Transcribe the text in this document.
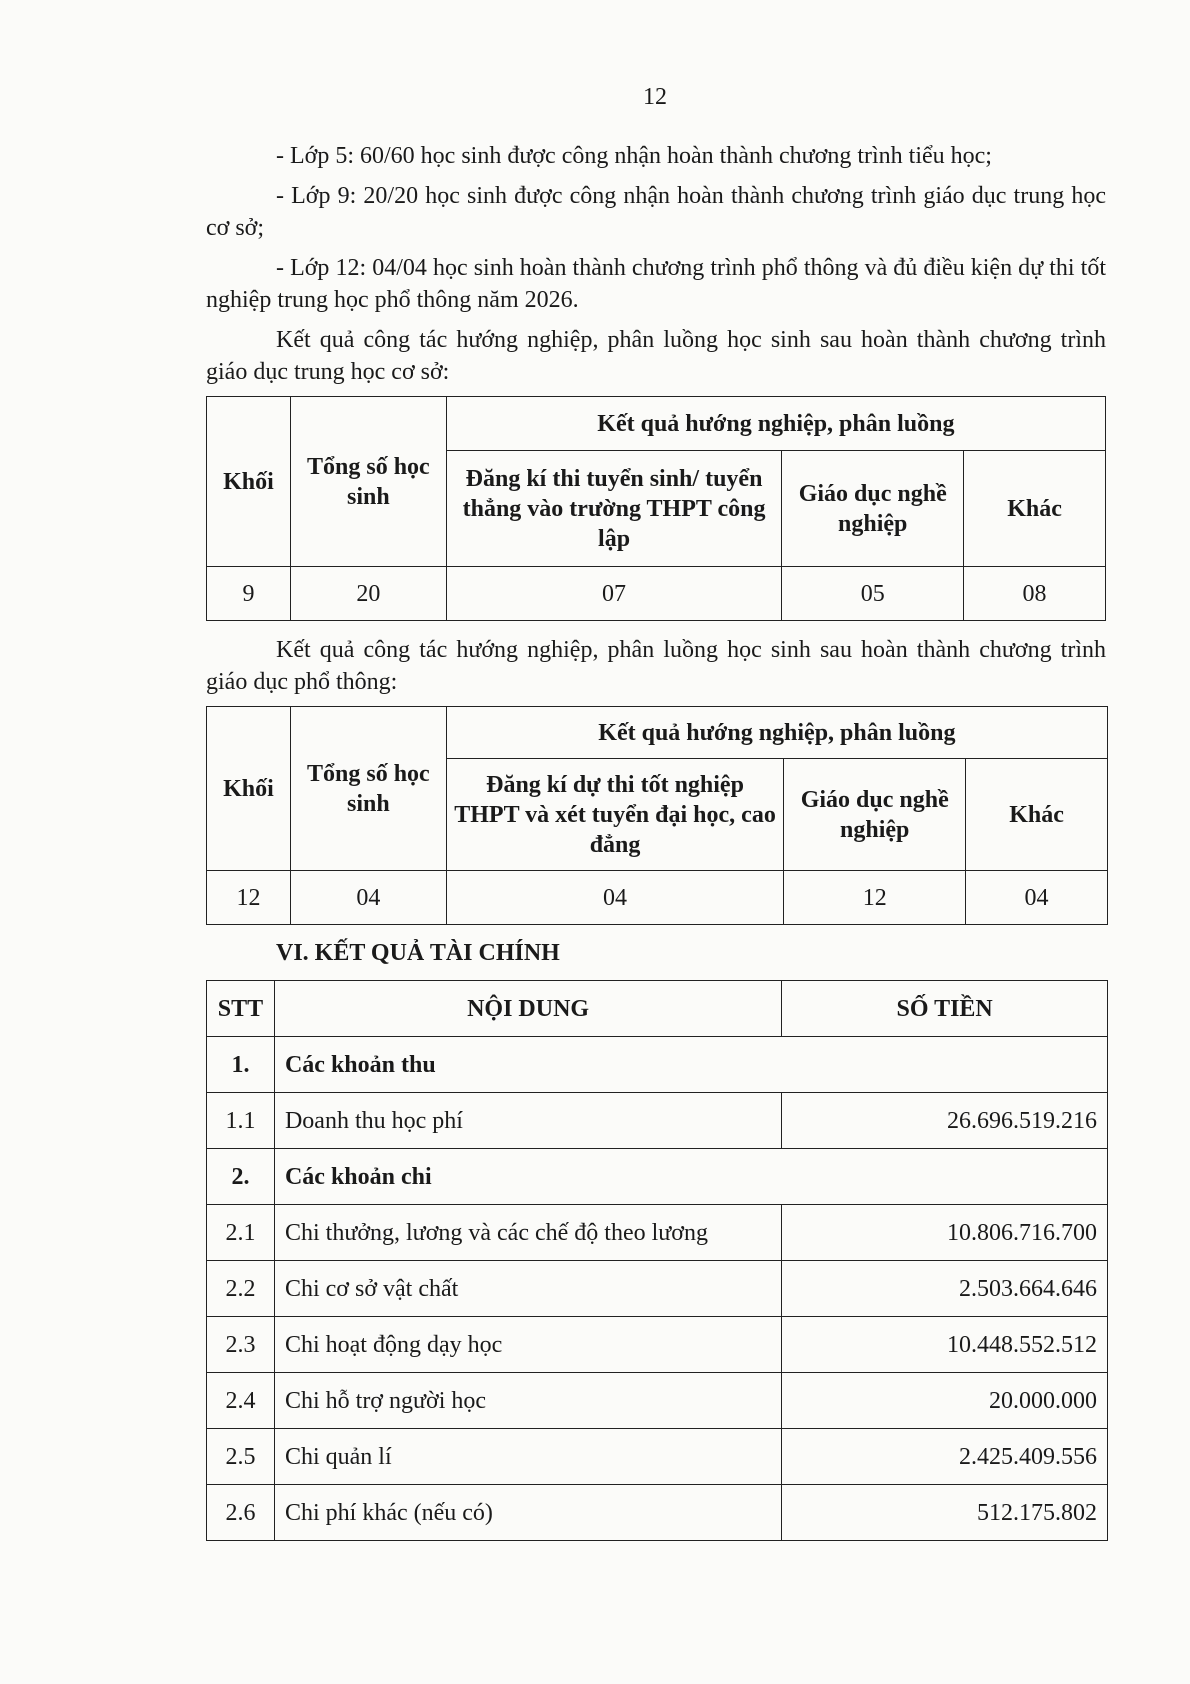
12
- Lớp 5: 60/60 học sinh được công nhận hoàn thành chương trình tiểu học;
- Lớp 9: 20/20 học sinh được công nhận hoàn thành chương trình giáo dục trung học cơ sở;
- Lớp 12: 04/04 học sinh hoàn thành chương trình phổ thông và đủ điều kiện dự thi tốt nghiệp trung học phổ thông năm 2026.
Kết quả công tác hướng nghiệp, phân luồng học sinh sau hoàn thành chương trình giáo dục trung học cơ sở:
Khối	Tổng số học sinh	Kết quả hướng nghiệp, phân luồng		
		Đăng kí thi tuyển sinh/ tuyển thẳng vào trường THPT công lập	Giáo dục nghề nghiệp	Khác
9	20	07	05	08
Kết quả công tác hướng nghiệp, phân luồng học sinh sau hoàn thành chương trình giáo dục phổ thông:
Khối	Tổng số học sinh	Kết quả hướng nghiệp, phân luồng		
		Đăng kí dự thi tốt nghiệp THPT và xét tuyển đại học, cao đẳng	Giáo dục nghề nghiệp	Khác
12	04	04	12	04
VI. KẾT QUẢ TÀI CHÍNH
STT	NỘI DUNG	SỐ TIỀN
1.	Các khoản thu	
1.1	Doanh thu học phí	26.696.519.216
2.	Các khoản chi	
2.1	Chi thưởng, lương và các chế độ theo lương	10.806.716.700
2.2	Chi cơ sở vật chất	2.503.664.646
2.3	Chi hoạt động dạy học	10.448.552.512
2.4	Chi hỗ trợ người học	20.000.000
2.5	Chi quản lí	2.425.409.556
2.6	Chi phí khác (nếu có)	512.175.802
